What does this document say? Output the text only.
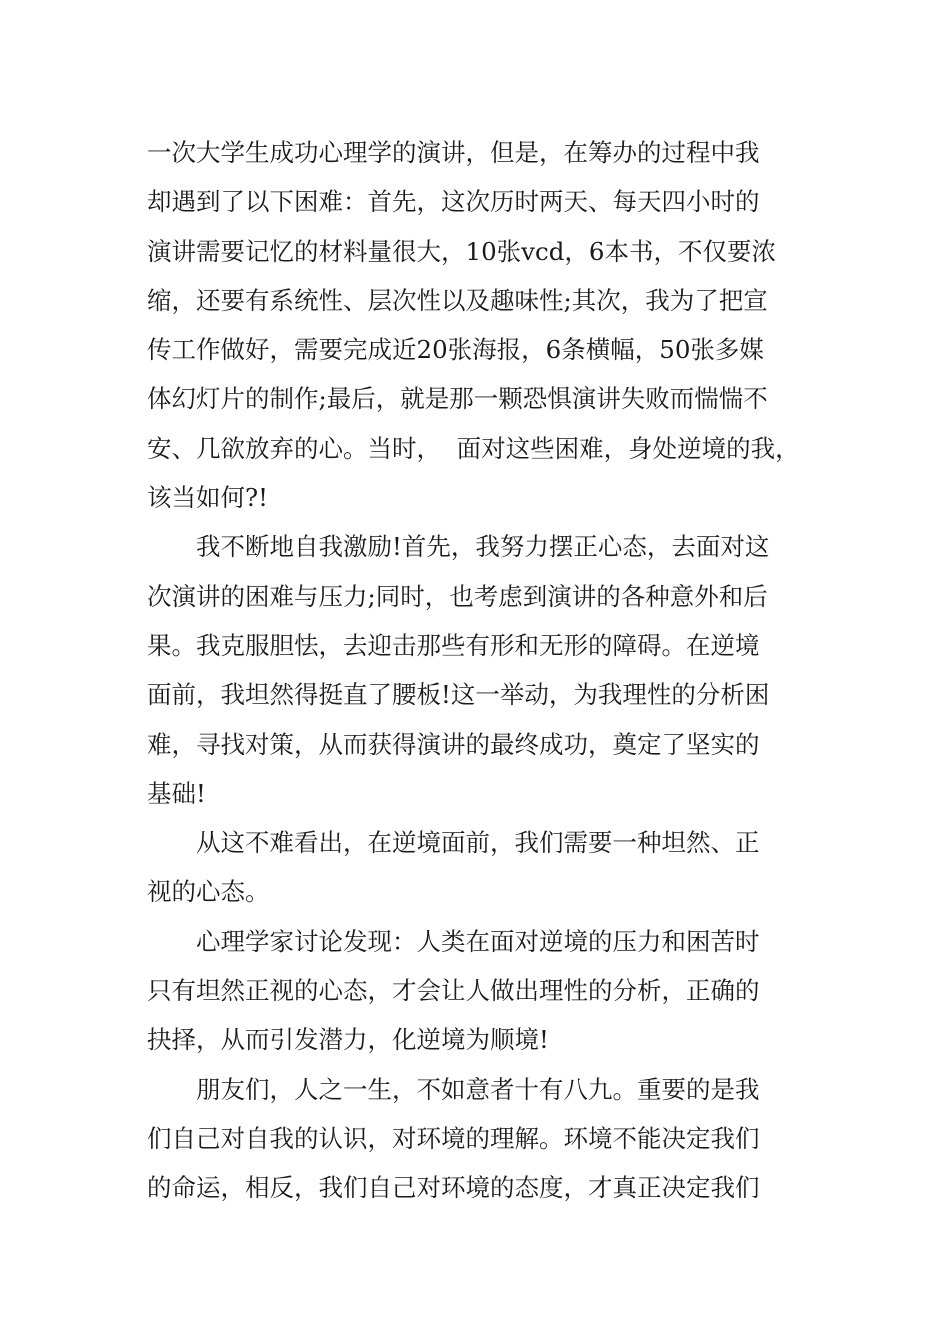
一次大学生成功心理学的演讲，但是，在筹办的过程中我
却遇到了以下困难：首先，这次历时两天、每天四小时的
演讲需要记忆的材料量很大，10张vcd，6本书，不仅要浓
缩，还要有系统性、层次性以及趣味性;其次，我为了把宣
传工作做好，需要完成近20张海报，6条横幅，50张多媒
体幻灯片的制作;最后，就是那一颗恐惧演讲失败而惴惴不
安、几欲放弃的心。当时，  面对这些困难，身处逆境的我，
该当如何?!
我不断地自我激励!首先，我努力摆正心态，去面对这
次演讲的困难与压力;同时，也考虑到演讲的各种意外和后
果。我克服胆怯，去迎击那些有形和无形的障碍。在逆境
面前，我坦然得挺直了腰板!这一举动，为我理性的分析困
难，寻找对策，从而获得演讲的最终成功，奠定了坚实的
基础!
从这不难看出，在逆境面前，我们需要一种坦然、正
视的心态。
心理学家讨论发现：人类在面对逆境的压力和困苦时
只有坦然正视的心态，才会让人做出理性的分析，正确的
抉择，从而引发潜力，化逆境为顺境!
朋友们，人之一生，不如意者十有八九。重要的是我
们自己对自我的认识，对环境的理解。环境不能决定我们
的命运，相反，我们自己对环境的态度，才真正决定我们
